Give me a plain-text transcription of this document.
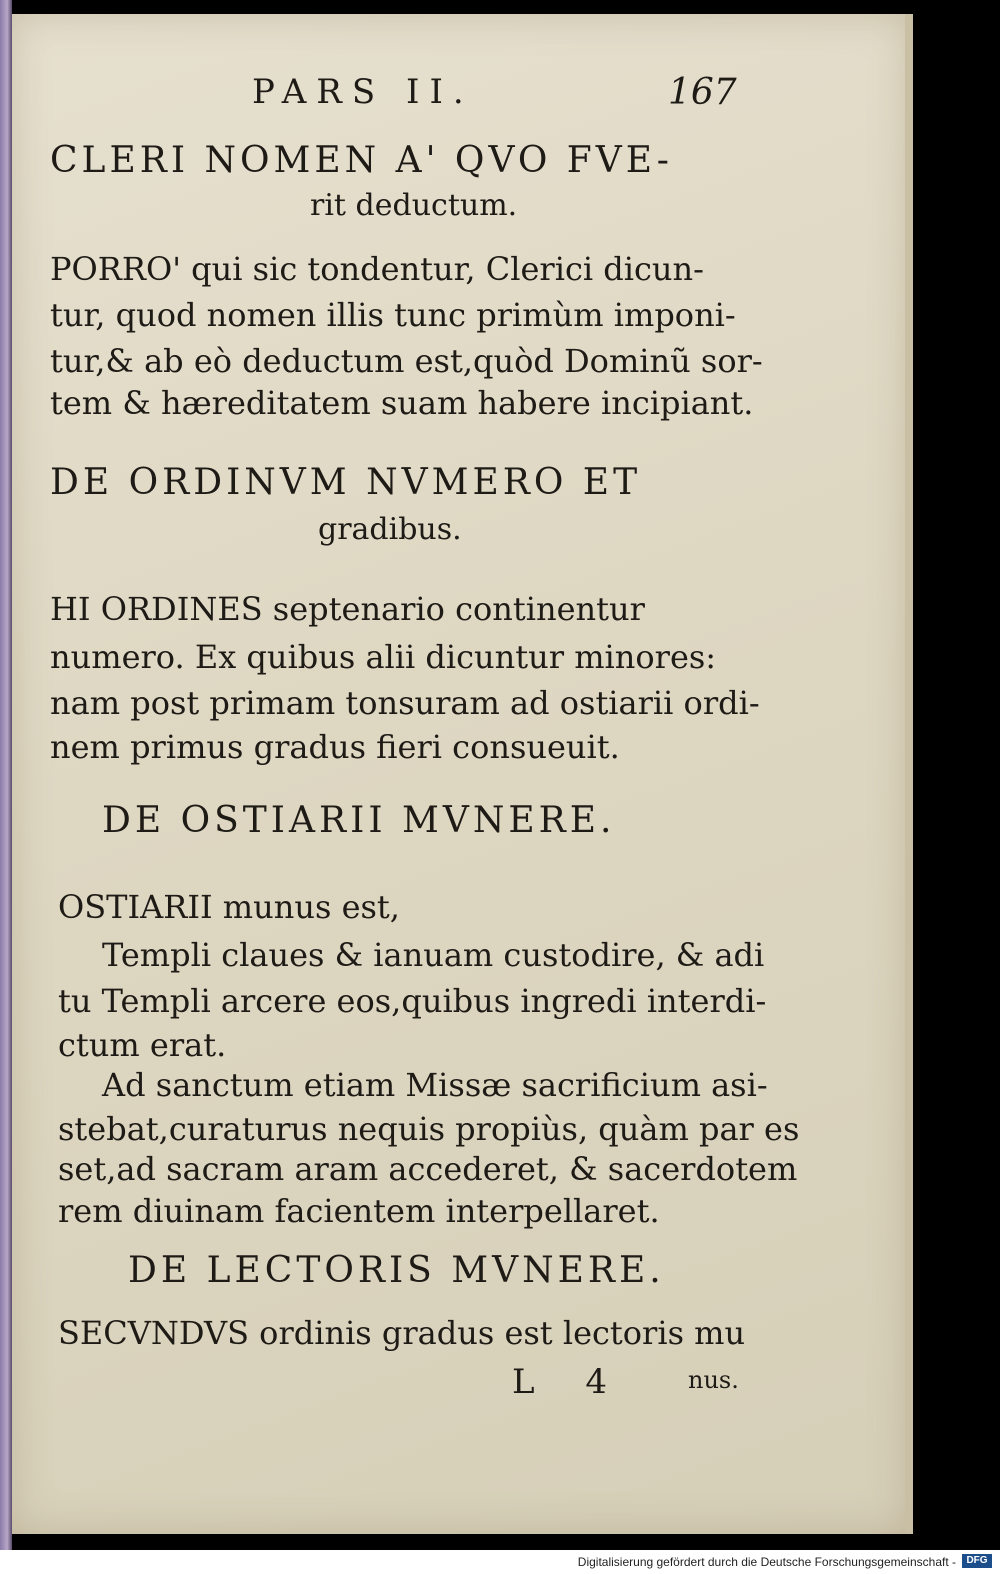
PARS II.	167
CLERI NOMEN A' QVO FVE-
rit deductum.
PORRO' qui sic tondentur, Clerici dicun-
tur, quod nomen illis tunc primùm imponi-
tur,& ab eò deductum est,quòd Dominũ sor-
tem & hæreditatem suam habere incipiant.
DE ORDINVM NVMERO ET
gradibus.
HI ORDINES septenario continentur
numero. Ex quibus alii dicuntur minores:
nam post primam tonsuram ad ostiarii ordi-
nem primus gradus fieri consueuit.
DE OSTIARII MVNERE.
OSTIARII munus est,
Templi claues & ianuam custodire, & adi
tu Templi arcere eos,quibus ingredi interdi-
ctum erat.
Ad sanctum etiam Missæ sacrificium asi-
stebat,curaturus nequis propiùs, quàm par es
set,ad sacram aram accederet, & sacerdotem
rem diuinam facientem interpellaret.
DE LECTORIS MVNERE.
SECVNDVS ordinis gradus est lectoris mu
L 4	nus.
Digitalisierung gefördert durch die Deutsche Forschungsgemeinschaft -	DFG
